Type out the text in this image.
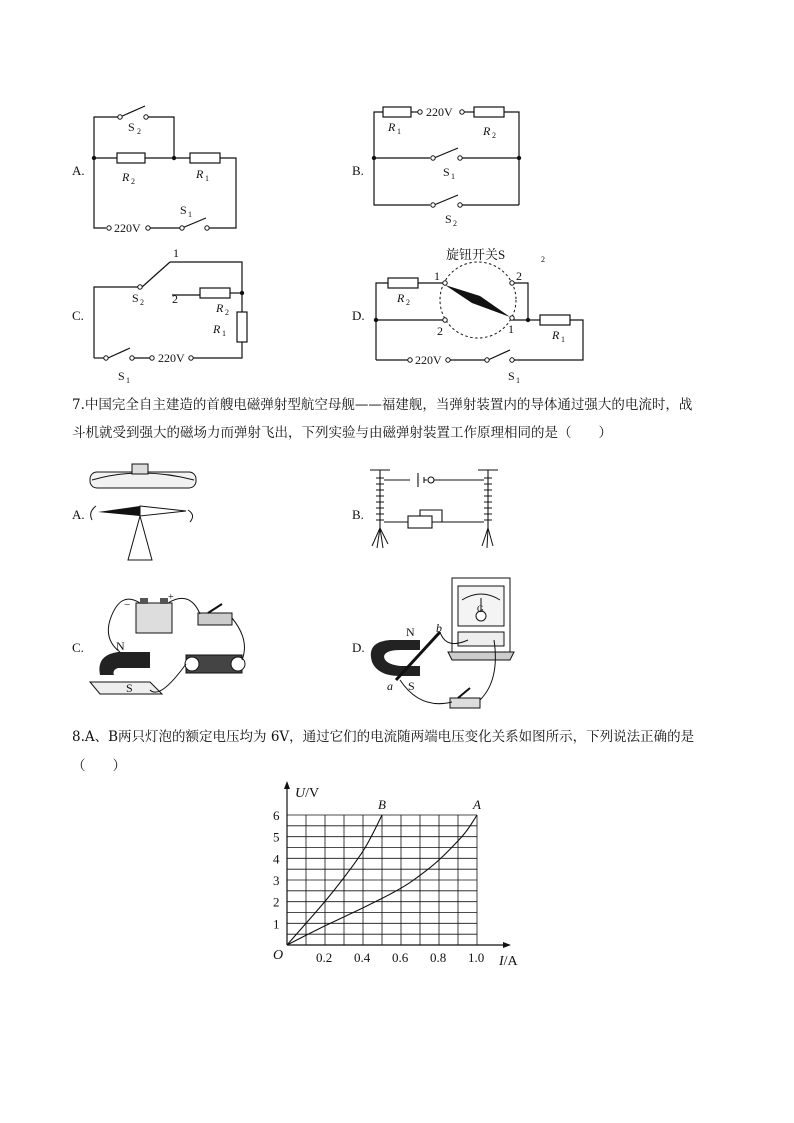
A.
S 2
R 2
R 1
220V
S 1
B.
R 1
220V
R 2
S 1
S 2
C.
1
2
S 2	R 2
R 1
220V
S 1
D.
旋钮开关S	2
1	2
2	1
R 2
R 1
220V
S 1
7.中国完全自主建造的首艘电磁弹射型航空母舰——福建舰，当弹射装置内的导体通过强大的电流时，战
斗机就受到强大的磁场力而弹射飞出，下列实验与由磁弹射装置工作原理相同的是（　　）
A.	B.
C.
−
+
N
S
D.
N
S
a
b
G
8.A、B两只灯泡的额定电压均为 6V，通过它们的电流随两端电压变化关系如图所示，下列说法正确的是
（　　）
0.2 0.4 0.6 0.8 1.0
1
2
3
4
5
6
O	I/A
U/V
B	A
